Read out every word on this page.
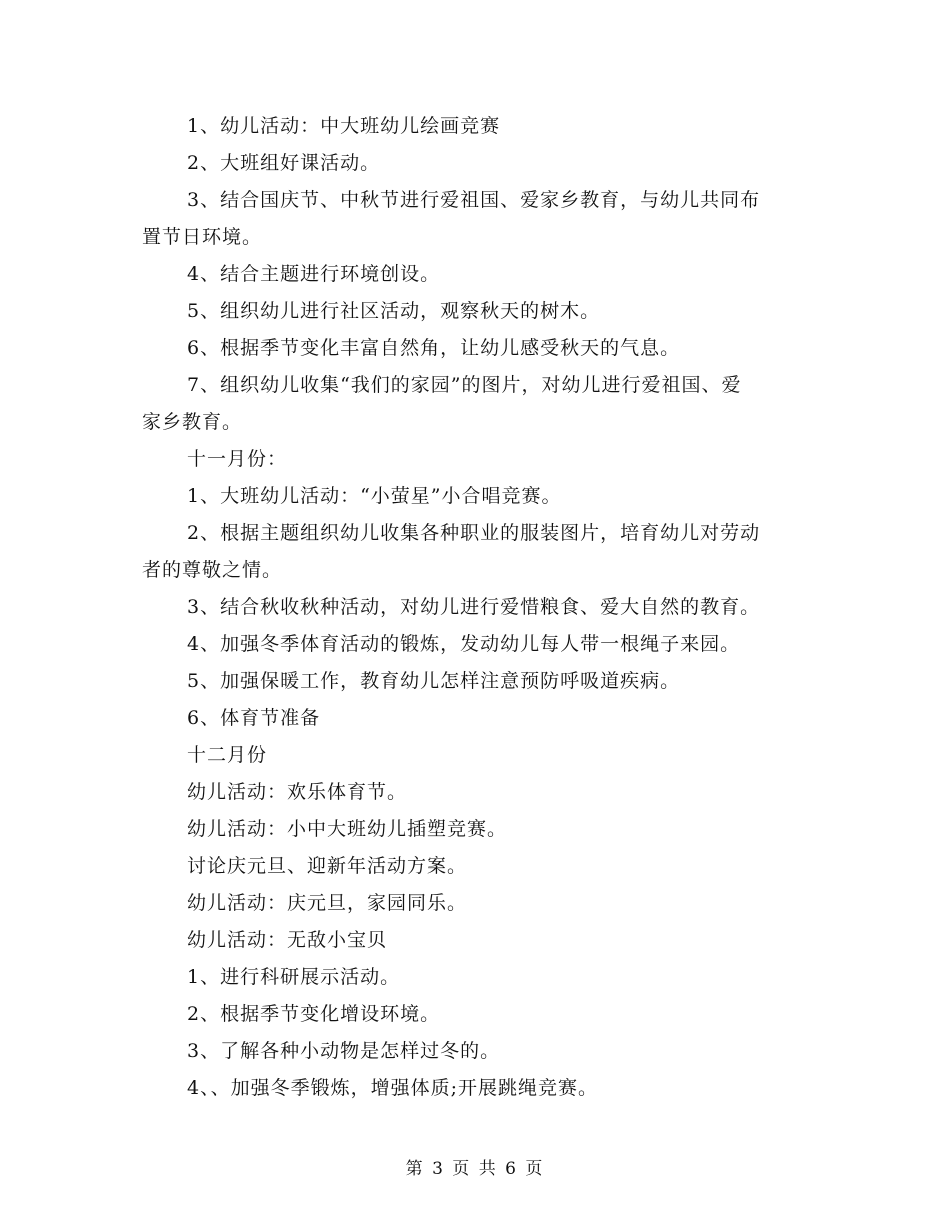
1、幼儿活动：中大班幼儿绘画竞赛
2、大班组好课活动。
3、结合国庆节、中秋节进行爱祖国、爱家乡教育，与幼儿共同布
置节日环境。
4、结合主题进行环境创设。
5、组织幼儿进行社区活动，观察秋天的树木。
6、根据季节变化丰富自然角，让幼儿感受秋天的气息。
7、组织幼儿收集“我们的家园”的图片，对幼儿进行爱祖国、爱
家乡教育。
十一月份：
1、大班幼儿活动：“小萤星”小合唱竞赛。
2、根据主题组织幼儿收集各种职业的服装图片，培育幼儿对劳动
者的尊敬之情。
3、结合秋收秋种活动，对幼儿进行爱惜粮食、爱大自然的教育。
4、加强冬季体育活动的锻炼，发动幼儿每人带一根绳子来园。
5、加强保暖工作，教育幼儿怎样注意预防呼吸道疾病。
6、体育节准备
十二月份
幼儿活动：欢乐体育节。
幼儿活动：小中大班幼儿插塑竞赛。
讨论庆元旦、迎新年活动方案。
幼儿活动：庆元旦，家园同乐。
幼儿活动：无敌小宝贝
1、进行科研展示活动。
2、根据季节变化增设环境。
3、了解各种小动物是怎样过冬的。
4、、加强冬季锻炼，增强体质;开展跳绳竞赛。
第 3 页 共 6 页
